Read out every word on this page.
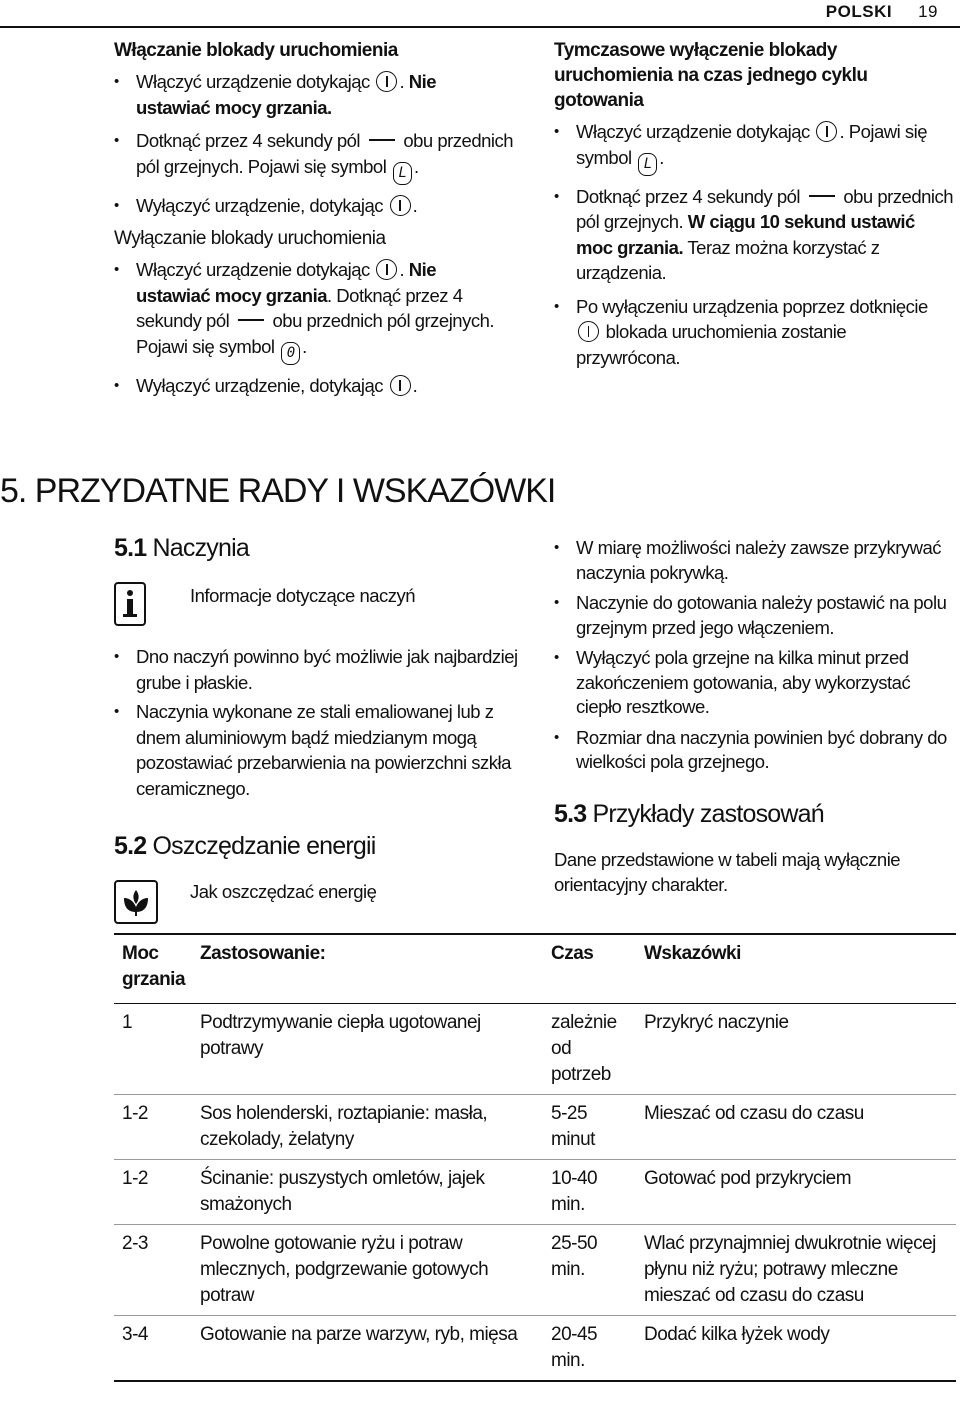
POLSKI 19
Włączanie blokady uruchomienia
• Włączyć urządzenie dotykając . Nie ustawiać mocy grzania.
• Dotknąć przez 4 sekundy pól obu przednich pól grzejnych. Pojawi się symbol L .
• Wyłączyć urządzenie, dotykając .
Wyłączanie blokady uruchomienia
• Włączyć urządzenie dotykając . Nie ustawiać mocy grzania. Dotknąć przez 4 sekundy pól obu przednich pól grzejnych. Pojawi się symbol 0 .
• Wyłączyć urządzenie, dotykając .
Tymczasowe wyłączenie blokady uruchomienia na czas jednego cyklu gotowania
• Włączyć urządzenie dotykając . Pojawi się symbol L .
• Dotknąć przez 4 sekundy pól obu przednich pól grzejnych. W ciągu 10 sekund ustawić moc grzania. Teraz można korzystać z urządzenia.
• Po wyłączeniu urządzenia poprzez dotknięcie  blokada uruchomienia zostanie przywrócona.
5. PRZYDATNE RADY I WSKAZÓWKI
5.1 Naczynia
Informacje dotyczące naczyń
• Dno naczyń powinno być możliwie jak najbardziej grube i płaskie.
• Naczynia wykonane ze stali emaliowanej lub z dnem aluminiowym bądź miedzianym mogą pozostawiać przebarwienia na powierzchni szkła ceramicznego.
5.2 Oszczędzanie energii
Jak oszczędzać energię
• W miarę możliwości należy zawsze przykrywać naczynia pokrywką.
• Naczynie do gotowania należy postawić na polu grzejnym przed jego włączeniem.
• Wyłączyć pola grzejne na kilka minut przed zakończeniem gotowania, aby wykorzystać ciepło resztkowe.
• Rozmiar dna naczynia powinien być dobrany do wielkości pola grzejnego.
5.3 Przykłady zastosowań
Dane przedstawione w tabeli mają wyłącznie orientacyjny charakter.
Moc grzania	Zastosowanie:	Czas	Wskazówki
1	Podtrzymywanie ciepła ugotowanej potrawy	zależnie od potrzeb	Przykryć naczynie
1-2	Sos holenderski, roztapianie: masła, czekolady, żelatyny	5-25 minut	Mieszać od czasu do czasu
1-2	Ścinanie: puszystych omletów, jajek smażonych	10-40 min.	Gotować pod przykryciem
2-3	Powolne gotowanie ryżu i potraw mlecznych, podgrzewanie gotowych potraw	25-50 min.	Wlać przynajmniej dwukrotnie więcej płynu niż ryżu; potrawy mleczne mieszać od czasu do czasu
3-4	Gotowanie na parze warzyw, ryb, mięsa	20-45 min.	Dodać kilka łyżek wody
